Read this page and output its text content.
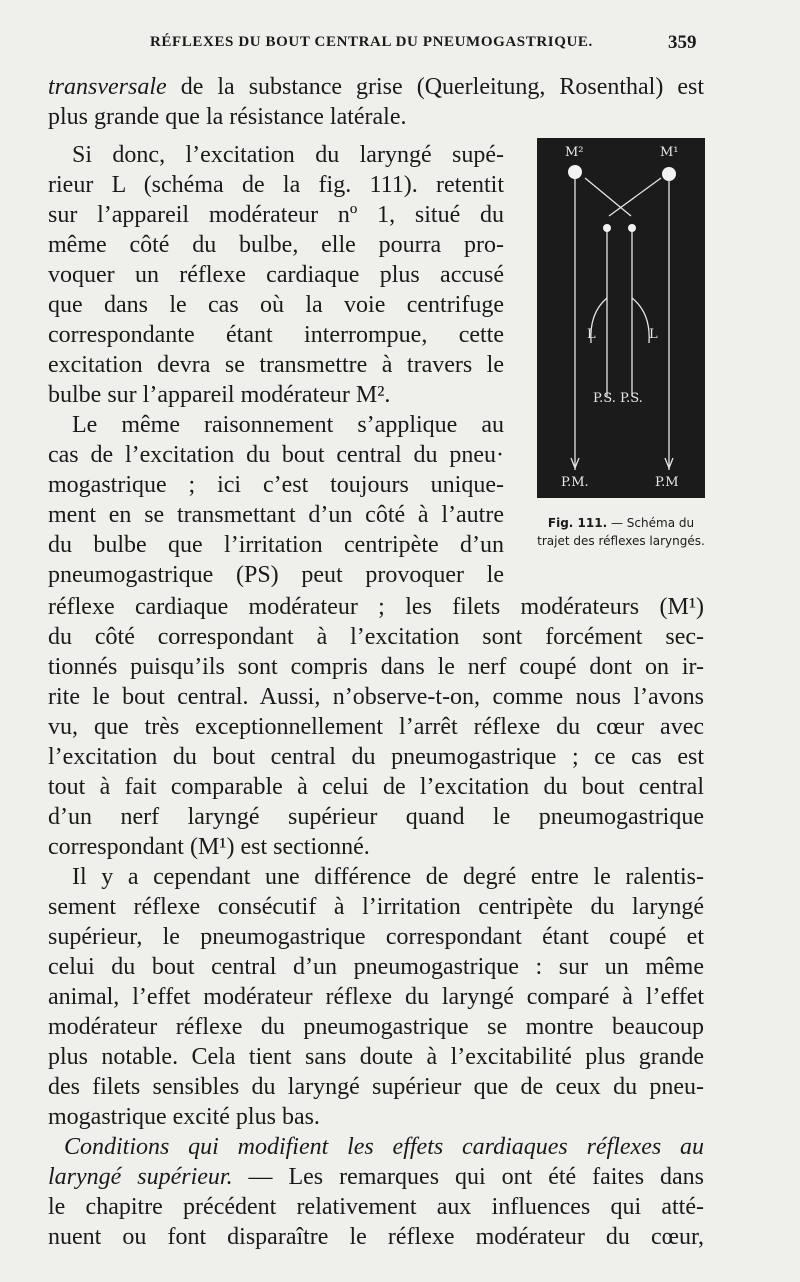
RÉFLEXES DU BOUT CENTRAL DU PNEUMOGASTRIQUE.	359
M²	M¹
L	L
P.S. P.S.
P.M.	P.M
Fig. 111. — Schéma du trajet des réflexes laryngés.
transversale de la substance grise (Querleitung, Rosenthal) est
plus grande que la résistance latérale.
Si donc, l’excitation du laryngé supé-
rieur L (schéma de la fig. 111). retentit
sur l’appareil modérateur nº 1, situé du
même côté du bulbe, elle pourra pro-
voquer un réflexe cardiaque plus accusé
que dans le cas où la voie centrifuge
correspondante étant interrompue, cette
excitation devra se transmettre à travers le
bulbe sur l’appareil modérateur M².
Le même raisonnement s’applique au
cas de l’excitation du bout central du pneu·
mogastrique ; ici c’est toujours unique-
ment en se transmettant d’un côté à l’autre
du bulbe que l’irritation centripète d’un
pneumogastrique (PS) peut provoquer le
réflexe cardiaque modérateur ; les filets modérateurs (M¹)
du côté correspondant à l’excitation sont forcément sec-
tionnés puisqu’ils sont compris dans le nerf coupé dont on ir-
rite le bout central. Aussi, n’observe-t-on, comme nous l’avons
vu, que très exceptionnellement l’arrêt réflexe du cœur avec
l’excitation du bout central du pneumogastrique ; ce cas est
tout à fait comparable à celui de l’excitation du bout central
d’un nerf laryngé supérieur quand le pneumogastrique
correspondant (M¹) est sectionné.
Il y a cependant une différence de degré entre le ralentis-
sement réflexe consécutif à l’irritation centripète du laryngé
supérieur, le pneumogastrique correspondant étant coupé et
celui du bout central d’un pneumogastrique : sur un même
animal, l’effet modérateur réflexe du laryngé comparé à l’effet
modérateur réflexe du pneumogastrique se montre beaucoup
plus notable. Cela tient sans doute à l’excitabilité plus grande
des filets sensibles du laryngé supérieur que de ceux du pneu-
mogastrique excité plus bas.
Conditions qui modifient les effets cardiaques réflexes au
laryngé supérieur. — Les remarques qui ont été faites dans
le chapitre précédent relativement aux influences qui atté-
nuent ou font disparaître le réflexe modérateur du cœur,
